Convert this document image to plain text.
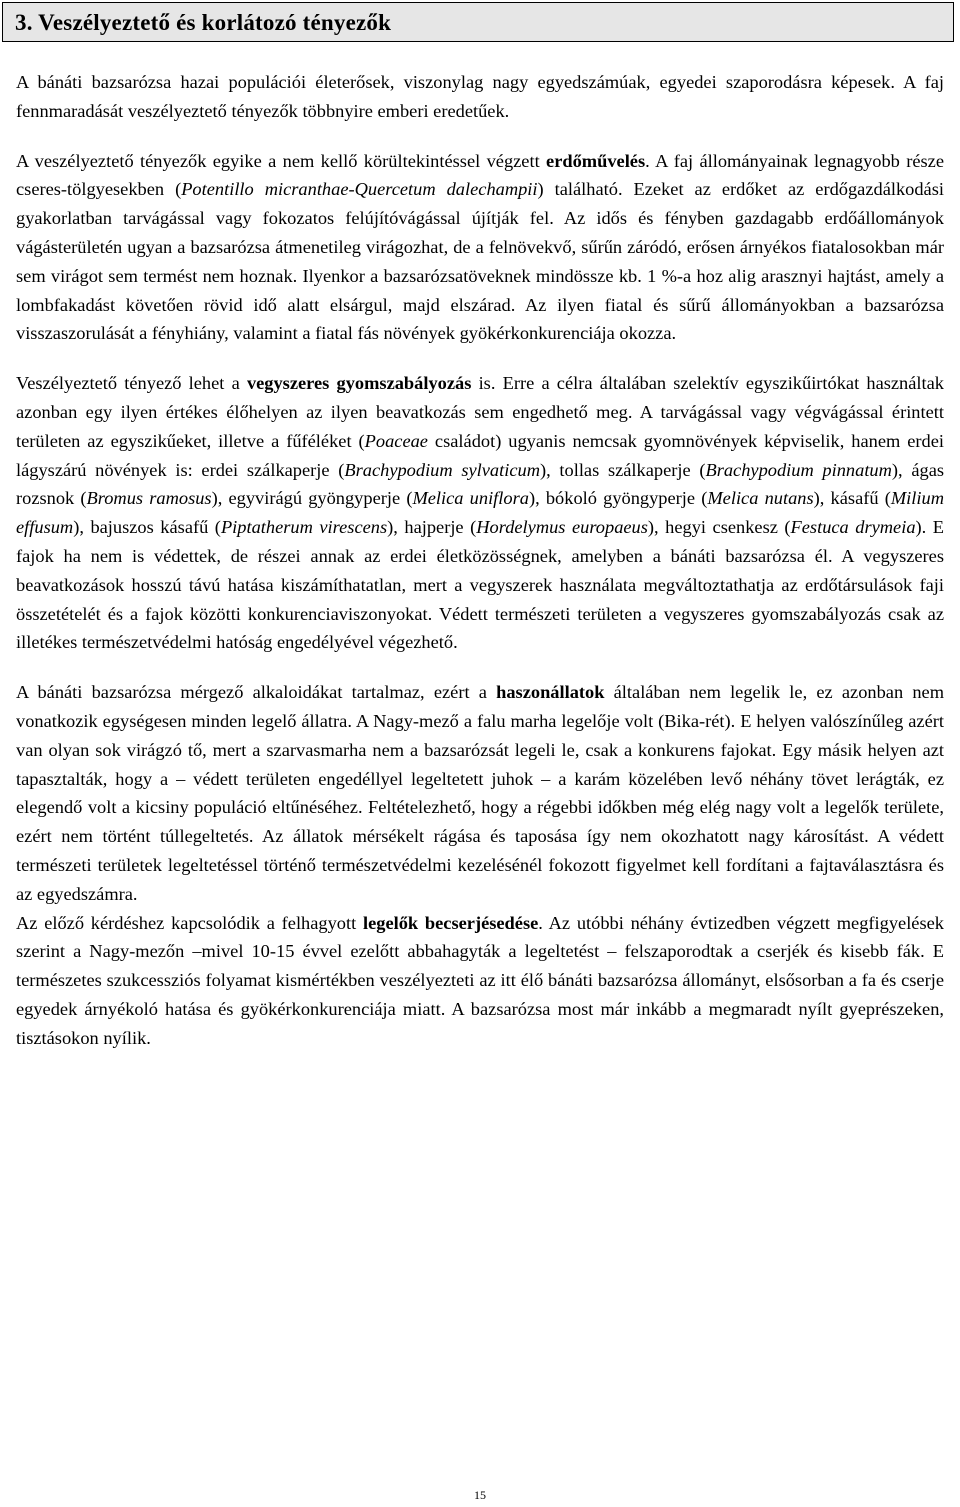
3. Veszélyeztető és korlátozó tényezők

A bánáti bazsarózsa hazai populációi életerősek, viszonylag nagy egyedszámúak, egyedei szaporodásra képesek. A faj fennmaradását veszélyeztető tényezők többnyire emberi eredetűek.

A veszélyeztető tényezők egyike a nem kellő körültekintéssel végzett erdőművelés. A faj állományainak legnagyobb része cseres-tölgyesekben (Potentillo micranthae-Quercetum dalechampii) található. Ezeket az erdőket az erdőgazdálkodási gyakorlatban tarvágással vagy fokozatos felújítóvágással újítják fel. Az idős és fényben gazdagabb erdőállományok vágásterületén ugyan a bazsarózsa átmenetileg virágozhat, de a felnövekvő, sűrűn záródó, erősen árnyékos fiatalosokban már sem virágot sem termést nem hoznak. Ilyenkor a bazsarózsatöveknek mindössze kb. 1 %-a hoz alig arasznyi hajtást, amely a lombfakadást követően rövid idő alatt elsárgul, majd elszárad. Az ilyen fiatal és sűrű állományokban a bazsarózsa visszaszorulását a fényhiány, valamint a fiatal fás növények gyökérkonkurenciája okozza.

Veszélyeztető tényező lehet a vegyszeres gyomszabályozás is. Erre a célra általában szelektív egyszikűirtókat használtak azonban egy ilyen értékes élőhelyen az ilyen beavatkozás sem engedhető meg. A tarvágással vagy végvágással érintett területen az egyszikűeket, illetve a fűféléket (Poaceae családot) ugyanis nemcsak gyomnövények képviselik, hanem erdei lágyszárú növények is: erdei szálkaperje (Brachypodium sylvaticum), tollas szálkaperje (Brachypodium pinnatum), ágas rozsnok (Bromus ramosus), egyvirágú gyöngyperje (Melica uniflora), bókoló gyöngyperje (Melica nutans), kásafű (Milium effusum), bajuszos kásafű (Piptatherum virescens), hajperje (Hordelymus europaeus), hegyi csenkesz (Festuca drymeia). E fajok ha nem is védettek, de részei annak az erdei életközösségnek, amelyben a bánáti bazsarózsa él. A vegyszeres beavatkozások hosszú távú hatása kiszámíthatatlan, mert a vegyszerek használata megváltoztathatja az erdőtársulások faji összetételét és a fajok közötti konkurenciaviszonyokat. Védett természeti területen a vegyszeres gyomszabályozás csak az illetékes természetvédelmi hatóság engedélyével végezhető.

A bánáti bazsarózsa mérgező alkaloidákat tartalmaz, ezért a haszonállatok általában nem legelik le, ez azonban nem vonatkozik egységesen minden legelő állatra. A Nagy-mező a falu marha legelője volt (Bika-rét). E helyen valószínűleg azért van olyan sok virágzó tő, mert a szarvasmarha nem a bazsarózsát legeli le, csak a konkurens fajokat. Egy másik helyen azt tapasztalták, hogy a – védett területen engedéllyel legeltetett juhok – a karám közelében levő néhány tövet lerágták, ez elegendő volt a kicsiny populáció eltűnéséhez. Feltételezhető, hogy a régebbi időkben még elég nagy volt a legelők területe, ezért nem történt túllegeltetés. Az állatok mérsékelt rágása és taposása így nem okozhatott nagy károsítást. A védett természeti területek legeltetéssel történő természetvédelmi kezelésénél fokozott figyelmet kell fordítani a fajtaválasztásra és az egyedszámra.

Az előző kérdéshez kapcsolódik a felhagyott legelők becserjésedése. Az utóbbi néhány évtizedben végzett megfigyelések szerint a Nagy-mezőn –mivel 10-15 évvel ezelőtt abbahagyták a legeltetést – felszaporodtak a cserjék és kisebb fák. E természetes szukcessziós folyamat kismértékben veszélyezteti az itt élő bánáti bazsarózsa állományt, elsősorban a fa és cserje egyedek árnyékoló hatása és gyökérkonkurenciája miatt. A bazsarózsa most már inkább a megmaradt nyílt gyeprészeken, tisztásokon nyílik.

15
